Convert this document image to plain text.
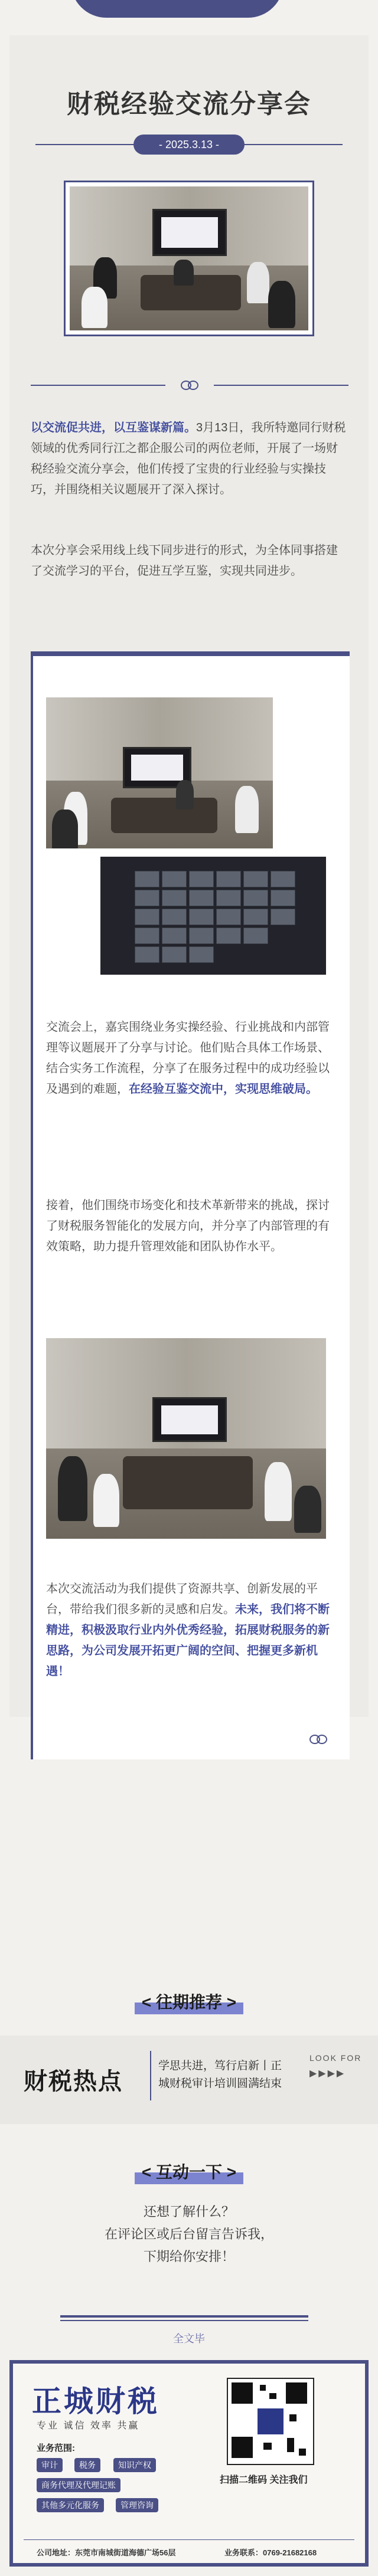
财税经验交流分享会
- 2025.3.13 -
以交流促共进，以互鉴谋新篇。3月13日，我所特邀同行财税领域的优秀同行江之都企服公司的两位老师，开展了一场财税经验交流分享会，他们传授了宝贵的行业经验与实操技巧，并围绕相关议题展开了深入探讨。
本次分享会采用线上线下同步进行的形式，为全体同事搭建了交流学习的平台，促进互学互鉴，实现共同进步。
交流会上，嘉宾围绕业务实操经验、行业挑战和内部管理等议题展开了分享与讨论。他们贴合具体工作场景、结合实务工作流程，分享了在服务过程中的成功经验以及遇到的难题，在经验互鉴交流中，实现思维破局。
接着，他们围绕市场变化和技术革新带来的挑战，探讨了财税服务智能化的发展方向，并分享了内部管理的有效策略，助力提升管理效能和团队协作水平。
本次交流活动为我们提供了资源共享、创新发展的平台，带给我们很多新的灵感和启发。未来，我们将不断精进，积极汲取行业内外优秀经验，拓展财税服务的新思路，为公司发展开拓更广阔的空间、把握更多新机遇！
< 往期推荐 >
财税热点
学思共进，笃行启新丨正
城财税审计培训圆满结束
LOOK FOR
▶▶▶▶
< 互动一下 >
还想了解什么？
在评论区或后台留言告诉我，
下期给你安排！
全文毕
正城财税
专业 诚信 效率 共赢
业务范围:
审计	税务	知识产权
商务代理及代理记账
其他多元化服务	管理咨询
扫描二维码 关注我们
公司地址：东莞市南城街道海德广场56层	业务联系：0769-21682168
